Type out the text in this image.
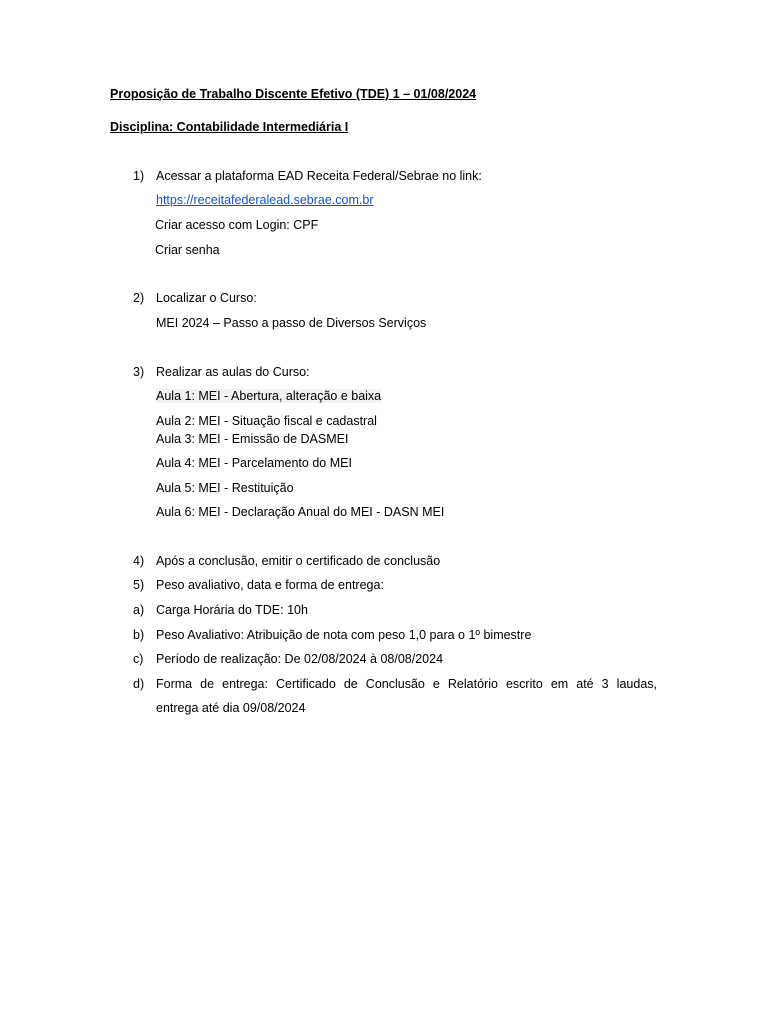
Proposição de Trabalho Discente Efetivo (TDE) 1 – 01/08/2024
Disciplina: Contabilidade Intermediária I
1) Acessar a plataforma EAD Receita Federal/Sebrae no link:
https://receitafederalead.sebrae.com.br
Criar acesso com Login: CPF
Criar senha
2) Localizar o Curso:
MEI 2024 – Passo a passo de Diversos Serviços
3) Realizar as aulas do Curso:
Aula 1: MEI - Abertura, alteração e baixa
Aula 2: MEI - Situação fiscal e cadastral
Aula 3: MEI - Emissão de DASMEI
Aula 4: MEI - Parcelamento do MEI
Aula 5: MEI - Restituição
Aula 6: MEI - Declaração Anual do MEI - DASN MEI
4) Após a conclusão, emitir o certificado de conclusão
5) Peso avaliativo, data e forma de entrega:
a) Carga Horária do TDE: 10h
b) Peso Avaliativo: Atribuição de nota com peso 1,0 para o 1º bimestre
c) Período de realização: De 02/08/2024 à 08/08/2024
d) Forma de entrega: Certificado de Conclusão e Relatório escrito em até 3 laudas,
entrega até dia 09/08/2024
